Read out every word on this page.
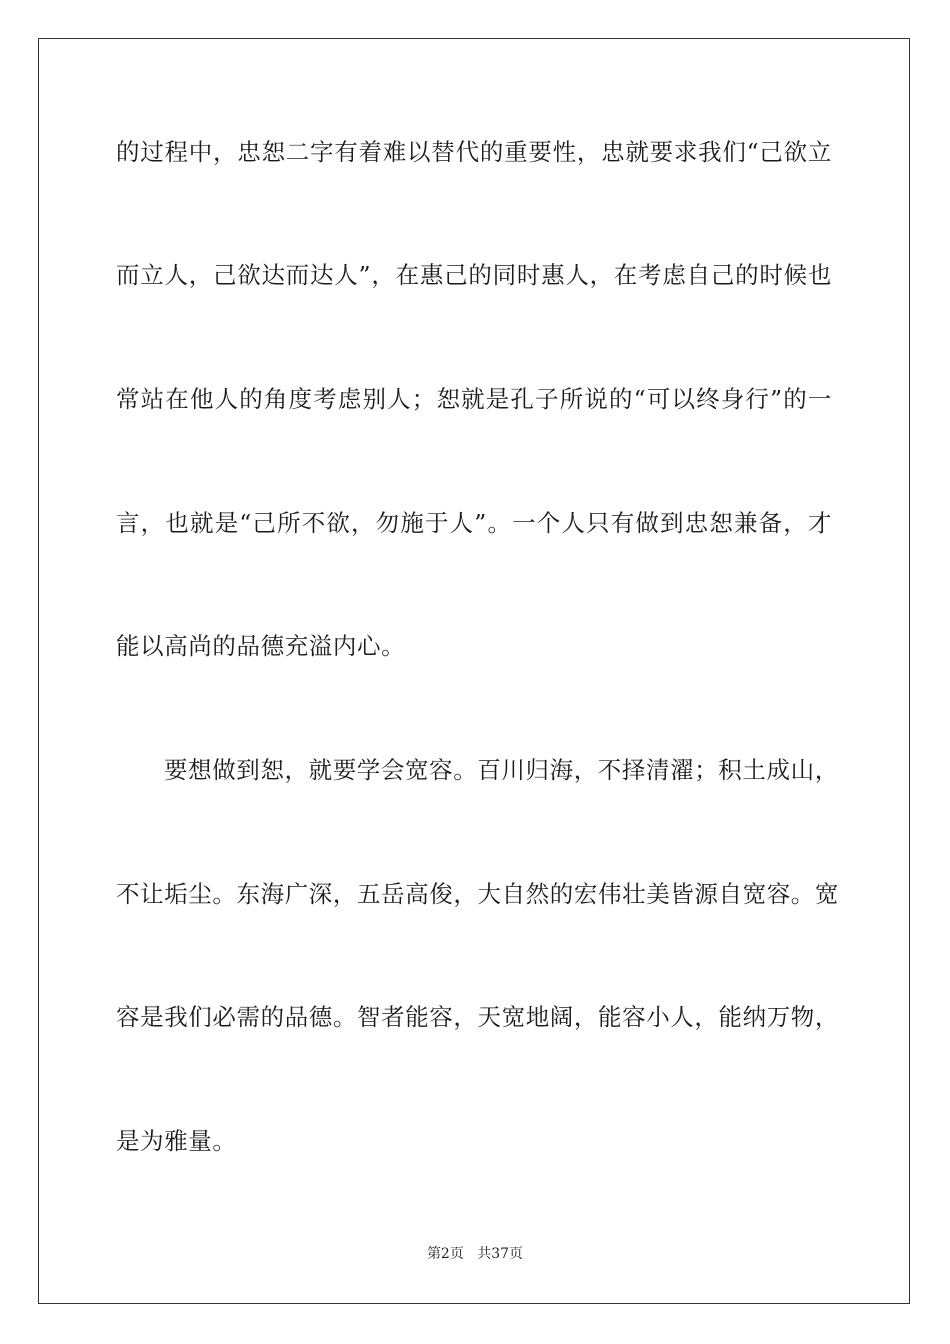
的过程中，忠恕二字有着难以替代的重要性，忠就要求我们“己欲立
而立人，己欲达而达人”，在惠己的同时惠人，在考虑自己的时候也
常站在他人的角度考虑别人；恕就是孔子所说的“可以终身行”的一
言，也就是“己所不欲，勿施于人”。一个人只有做到忠恕兼备，才
能以高尚的品德充溢内心。
要想做到恕，就要学会宽容。百川归海，不择清濯；积土成山，
不让垢尘。东海广深，五岳高俊，大自然的宏伟壮美皆源自宽容。宽
容是我们必需的品德。智者能容，天宽地阔，能容小人，能纳万物，
是为雅量。
第2页 共37页
